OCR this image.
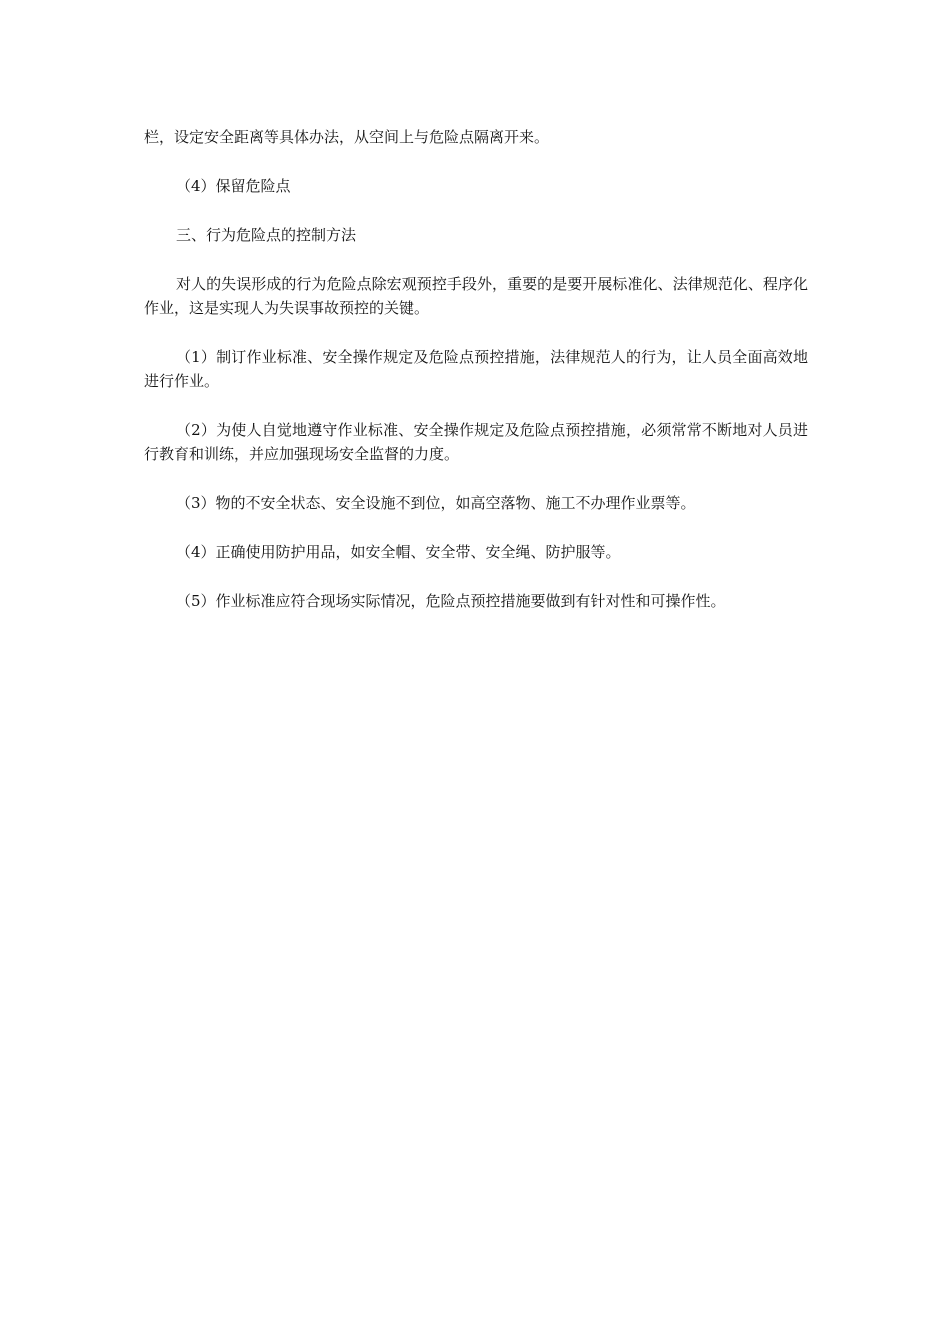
栏，设定安全距离等具体办法，从空间上与危险点隔离开来。

（4）保留危险点

三、行为危险点的控制方法

对人的失误形成的行为危险点除宏观预控手段外，重要的是要开展标准化、法律规范化、程序化作业，这是实现人为失误事故预控的关键。

（1）制订作业标准、安全操作规定及危险点预控措施，法律规范人的行为，让人员全面高效地进行作业。

（2）为使人自觉地遵守作业标准、安全操作规定及危险点预控措施，必须常常不断地对人员进行教育和训练，并应加强现场安全监督的力度。

（3）物的不安全状态、安全设施不到位，如高空落物、施工不办理作业票等。

（4）正确使用防护用品，如安全帽、安全带、安全绳、防护服等。

（5）作业标准应符合现场实际情况，危险点预控措施要做到有针对性和可操作性。
